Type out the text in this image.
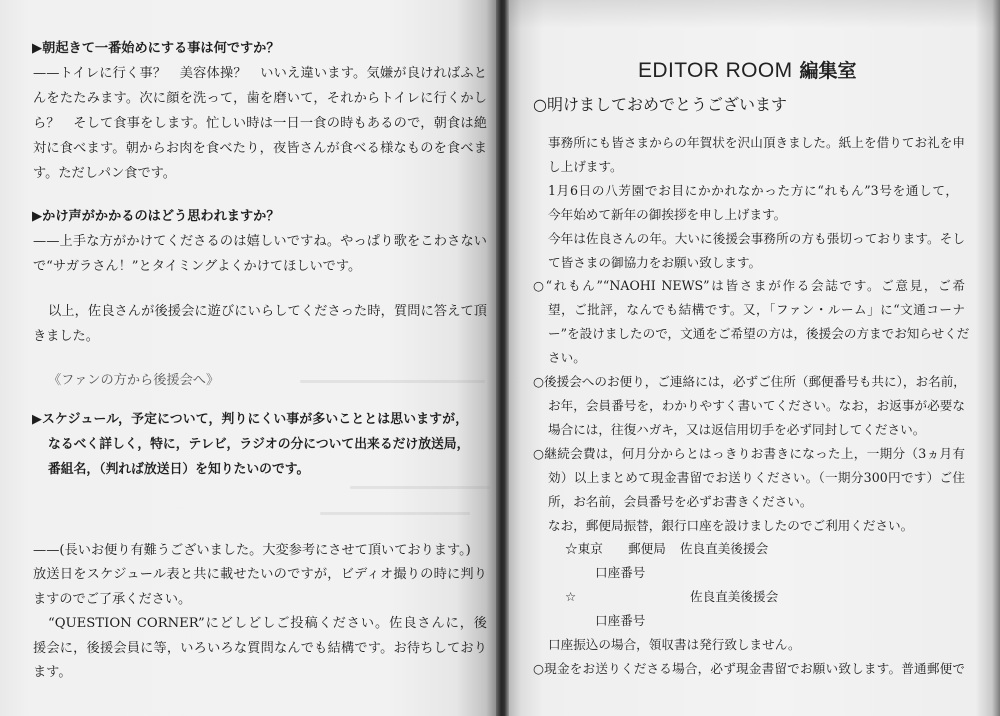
▶朝起きて一番始めにする事は何ですか？
——トイレに行く事？　美容体操？　いいえ違います。気嫌が良ければふと
んをたたみます。次に顔を洗って，歯を磨いて，それからトイレに行くかし
ら？　そして食事をします。忙しい時は一日一食の時もあるので，朝食は絶
対に食べます。朝からお肉を食べたり，夜皆さんが食べる様なものを食べま
す。ただしパン食です。
▶かけ声がかかるのはどう思われますか？
——上手な方がかけてくださるのは嬉しいですね。やっぱり歌をこわさない
で“サガラさん！”とタイミングよくかけてほしいです。
以上，佐良さんが後援会に遊びにいらしてくださった時，質問に答えて頂
きました。
《ファンの方から後援会へ》
▶スケジュール，予定について，判りにくい事が多いこととは思いますが，
なるべく詳しく，特に，テレビ，ラジオの分について出来るだけ放送局，
番組名，（判れば放送日）を知りたいのです。
——(長いお便り有難うございました。大変参考にさせて頂いております。)
放送日をスケジュール表と共に載せたいのですが，ビディオ撮りの時に判り
ますのでご了承ください。
“QUESTION CORNER”にどしどしご投稿ください。佐良さんに，後
援会に，後援会員に等，いろいろな質問なんでも結構です。お待ちしており
ます。
EDITOR ROOM 編集室
○明けましておめでとうございます
事務所にも皆さまからの年賀状を沢山頂きました。紙上を借りてお礼を申
し上げます。
1月6日の八芳園でお目にかかれなかった方に“れもん”3号を通して，
今年始めて新年の御挨拶を申し上げます。
今年は佐良さんの年。大いに後援会事務所の方も張切っております。そし
て皆さまの御協力をお願い致します。
○“れもん”“NAOHI NEWS”は皆さまが作る会誌です。ご意見，ご希
望，ご批評，なんでも結構です。又，「ファン・ルーム」に“文通コーナ
ー”を設けましたので，文通をご希望の方は，後援会の方までお知らせくだ
さい。
○後援会へのお便り，ご連絡には，必ずご住所（郵便番号も共に），お名前，
お年，会員番号を，わかりやすく書いてください。なお，お返事が必要な
場合には，往復ハガキ，又は返信用切手を必ず同封してください。
○継続会費は，何月分からとはっきりお書きになった上，一期分（3ヵ月有
効）以上まとめて現金書留でお送りください。（一期分300円です）ご住
所，お名前，会員番号を必ずお書きください。
なお，郵便局振替，銀行口座を設けましたのでご利用ください。
☆東京 郵便局 佐良直美後援会
口座番号
☆	佐良直美後援会
口座番号
口座振込の場合，領収書は発行致しません。
○現金をお送りくださる場合，必ず現金書留でお願い致します。普通郵便で
